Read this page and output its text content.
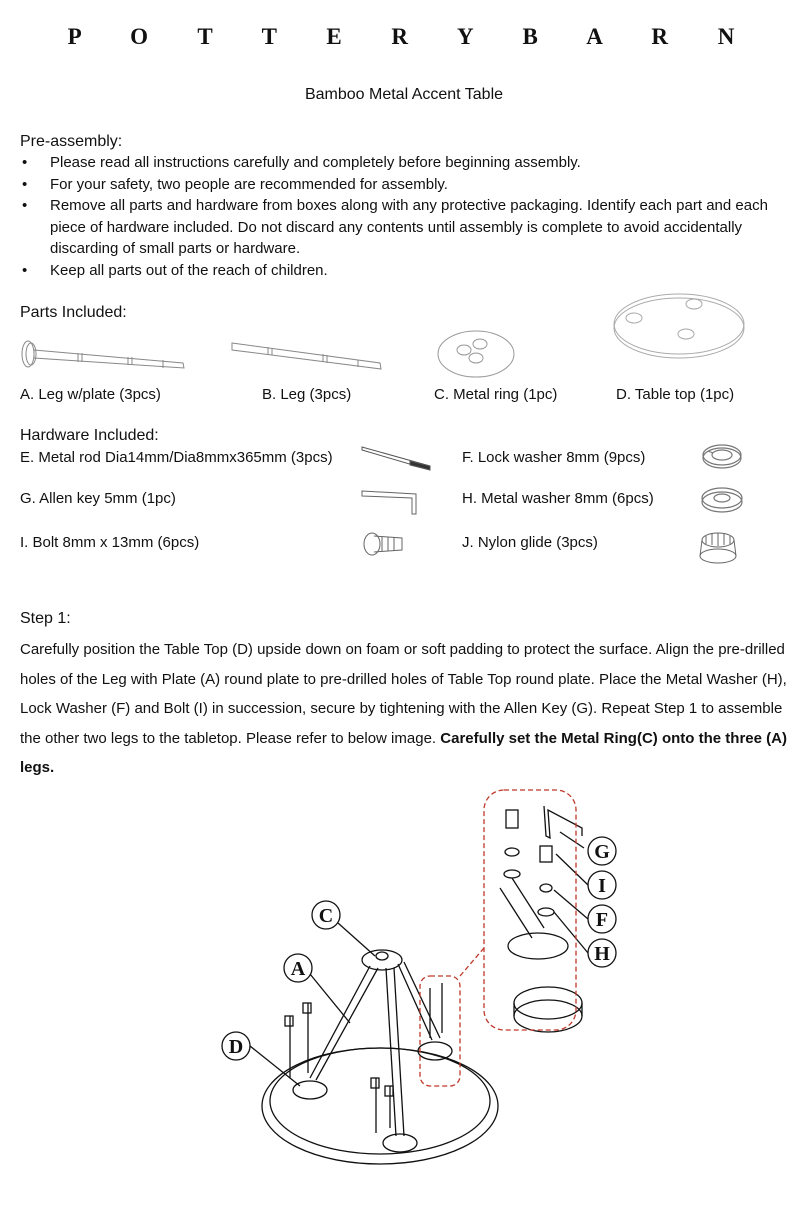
P O T T E R Y B A R N
Bamboo Metal Accent Table
Pre-assembly:
• Please read all instructions carefully and completely before beginning assembly.
• For your safety, two people are recommended for assembly.
• Remove all parts and hardware from boxes along with any protective packaging. Identify each part and each piece of hardware included. Do not discard any contents until assembly is complete to avoid accidentally discarding of small parts or hardware.
• Keep all parts out of the reach of children.
Parts Included:
A. Leg w/plate (3pcs)	B. Leg (3pcs)	C. Metal ring (1pc)	D. Table top (1pc)
Hardware Included:
E. Metal rod Dia14mm/Dia8mmx365mm (3pcs)	F. Lock washer 8mm (9pcs)
G. Allen key 5mm (1pc)	H. Metal washer 8mm (6pcs)
I. Bolt 8mm x 13mm (6pcs)	J. Nylon glide (3pcs)
Step 1:
Carefully position the Table Top (D) upside down on foam or soft padding to protect the surface. Align the pre-drilled holes of the Leg with Plate (A) round plate to pre-drilled holes of Table Top round plate. Place the Metal Washer (H), Lock Washer (F) and Bolt (I) in succession, secure by tightening with the Allen Key (G). Repeat Step 1 to assemble the other two legs to the tabletop. Please refer to below image. Carefully set the Metal Ring(C) onto the three (A) legs.
D
A
C
G
I
F
H
